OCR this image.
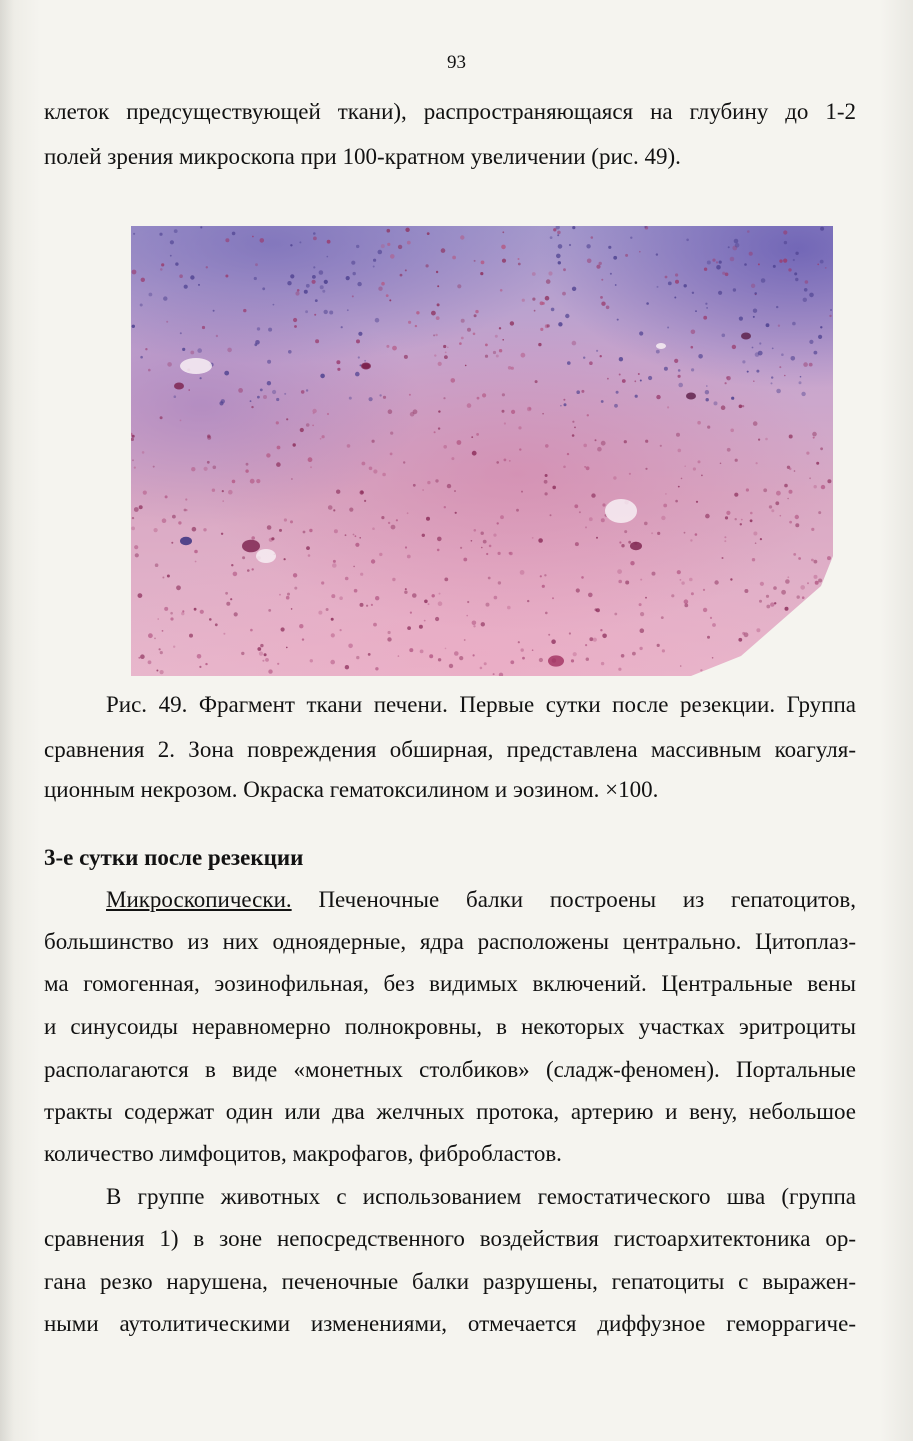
93
клеток предсуществующей ткани), распространяющаяся на глубину до 1-2
полей зрения микроскопа при 100-кратном увеличении (рис. 49).
Рис. 49. Фрагмент ткани печени. Первые сутки после резекции. Группа
сравнения 2. Зона повреждения обширная, представлена массивным коагуля-
ционным некрозом. Окраска гематоксилином и эозином. ×100.
3-е сутки после резекции
Микроскопически. Печеночные балки построены из гепатоцитов,
большинство из них одноядерные, ядра расположены центрально. Цитоплаз-
ма гомогенная, эозинофильная, без видимых включений. Центральные вены
и синусоиды неравномерно полнокровны, в некоторых участках эритроциты
располагаются в виде «монетных столбиков» (сладж-феномен). Портальные
тракты содержат один или два желчных протока, артерию и вену, небольшое
количество лимфоцитов, макрофагов, фибробластов.
В группе животных с использованием гемостатического шва (группа
сравнения 1) в зоне непосредственного воздействия гистоархитектоника ор-
гана резко нарушена, печеночные балки разрушены, гепатоциты с выражен-
ными аутолитическими изменениями, отмечается диффузное геморрагиче-
